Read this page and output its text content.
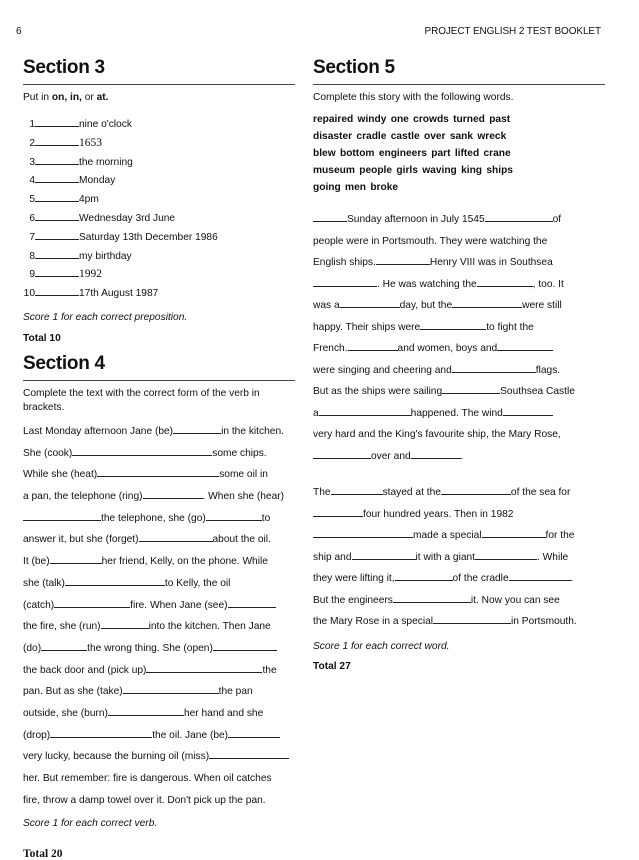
6	PROJECT ENGLISH 2 TEST BOOKLET
Section 3

Put in on, in, or at.

1	nine o'clock
2	1653
3	the morning
4	Monday
5	4pm
6	Wednesday 3rd June
7	Saturday 13th December 1986
8	my birthday
9	1992
10	17th August 1987

Score 1 for each correct preposition.

Total 10

Section 4

Complete the text with the correct form of the verb in brackets.

Last Monday afternoon Jane (be)	in the kitchen.
She (cook)	some chips.
While she (heat)	some oil in
a pan, the telephone (ring)	. When she (hear)
the telephone, she (go)	to
answer it, but she (forget)	about the oil.
It (be)	her friend, Kelly, on the phone. While
she (talk)	to Kelly, the oil
(catch)	fire. When Jane (see)
the fire, she (run)	into the kitchen. Then Jane
(do)	the wrong thing. She (open)
the back door and (pick up)	the
pan. But as she (take)	the pan
outside, she (burn)	her hand and she
(drop)	the oil. Jane (be)
very lucky, because the burning oil (miss)
her. But remember: fire is dangerous. When oil catches
fire, throw a damp towel over it. Don't pick up the pan.

Score 1 for each correct verb.

Total 20

Section 5

Complete this story with the following words.

repaired windy one crowds turned past
disaster cradle castle over sank wreck
blew bottom engineers part lifted crane
museum people girls waving king ships
going men broke
Sunday afternoon in July 1545	of
people were in Portsmouth. They were watching the
English ships.	Henry VIII was in Southsea
. He was watching the	, too. It
was a	day, but the	were still
happy. Their ships were	to fight the
French.	and women, boys and
were singing and cheering and	flags.
But as the ships were sailing	Southsea Castle
a	happened. The wind
very hard and the King's favourite ship, the Mary Rose,
over and	.
The	stayed at the	of the sea for
four hundred years. Then in 1982
made a special	for the
ship and	it with a giant	. While
they were lifting it,	of the cradle	.
But the engineers	it. Now you can see
the Mary Rose in a special	in Portsmouth.

Score 1 for each correct word.

Total 27
